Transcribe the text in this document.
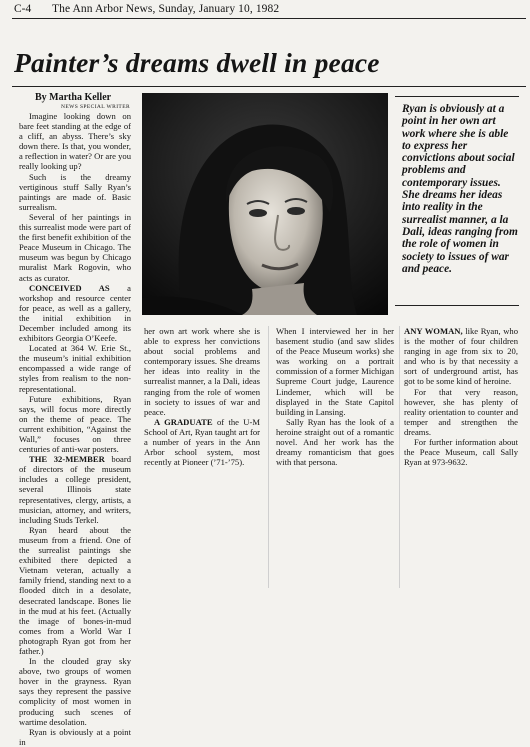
C-4 The Ann Arbor News, Sunday, January 10, 1982
Painter’s dreams dwell in peace
By Martha Keller
NEWS SPECIAL WRITER

Imagine looking down on bare feet standing at the edge of a cliff, an abyss. There’s sky down there. Is that, you wonder, a reflection in water? Or are you really looking up?

Such is the dreamy vertiginous stuff Sally Ryan’s paintings are made of. Basic surrealism.

Several of her paintings in this surrealist mode were part of the first benefit exhibition of the Peace Museum in Chicago. The museum was begun by Chicago muralist Mark Rogovin, who acts as curator.

CONCEIVED AS a workshop and resource center for peace, as well as a gallery, the initial exhibition in December included among its exhibitors Georgia O’Keefe.

Located at 364 W. Erie St., the museum’s initial exhibition encompassed a wide range of styles from realism to the non-representational.

Future exhibitions, Ryan says, will focus more directly on the theme of peace. The current exhibition, “Against the Wall,” focuses on three centuries of anti-war posters.

THE 32-MEMBER board of directors of the museum includes a college president, several Illinois state representatives, clergy, artists, a musician, attorney, and writers, including Studs Terkel.

Ryan heard about the museum from a friend. One of the surrealist paintings she exhibited there depicted a Vietnam veteran, actually a family friend, standing next to a flooded ditch in a desolate, desecrated landscape. Bones lie in the mud at his feet. (Actually the image of bones-in-mud comes from a World War I photograph Ryan got from her father.)

In the clouded gray sky above, two groups of women hover in the grayness. Ryan says they represent the passive complicity of most women in producing such scenes of wartime desolation.

Ryan is obviously at a point in

Ryan is obviously at a point in her own art work where she is able to express her convictions about social problems and contemporary issues. She dreams her ideas into reality in the surrealist manner, a la Dali, ideas ranging from the role of women in society to issues of war and peace.

her own art work where she is able to express her convictions about social problems and contemporary issues. She dreams her ideas into reality in the surrealist manner, a la Dali, ideas ranging from the role of women in society to issues of war and peace.

A GRADUATE of the U-M School of Art, Ryan taught art for a number of years in the Ann Arbor school system, most recently at Pioneer (’71-’75).

When I interviewed her in her basement studio (and saw slides of the Peace Museum works) she was working on a portrait commission of a former Michigan Supreme Court judge, Laurence Lindemer, which will be displayed in the State Capitol building in Lansing.

Sally Ryan has the look of a heroine straight out of a romantic novel. And her work has the dreamy romanticism that goes with that persona.

ANY WOMAN, like Ryan, who is the mother of four children ranging in age from six to 20, and who is by that necessity a sort of underground artist, has got to be some kind of heroine.

For that very reason, however, she has plenty of reality orientation to counter and temper and strengthen the dreams.

For further information about the Peace Museum, call Sally Ryan at 973-9632.
